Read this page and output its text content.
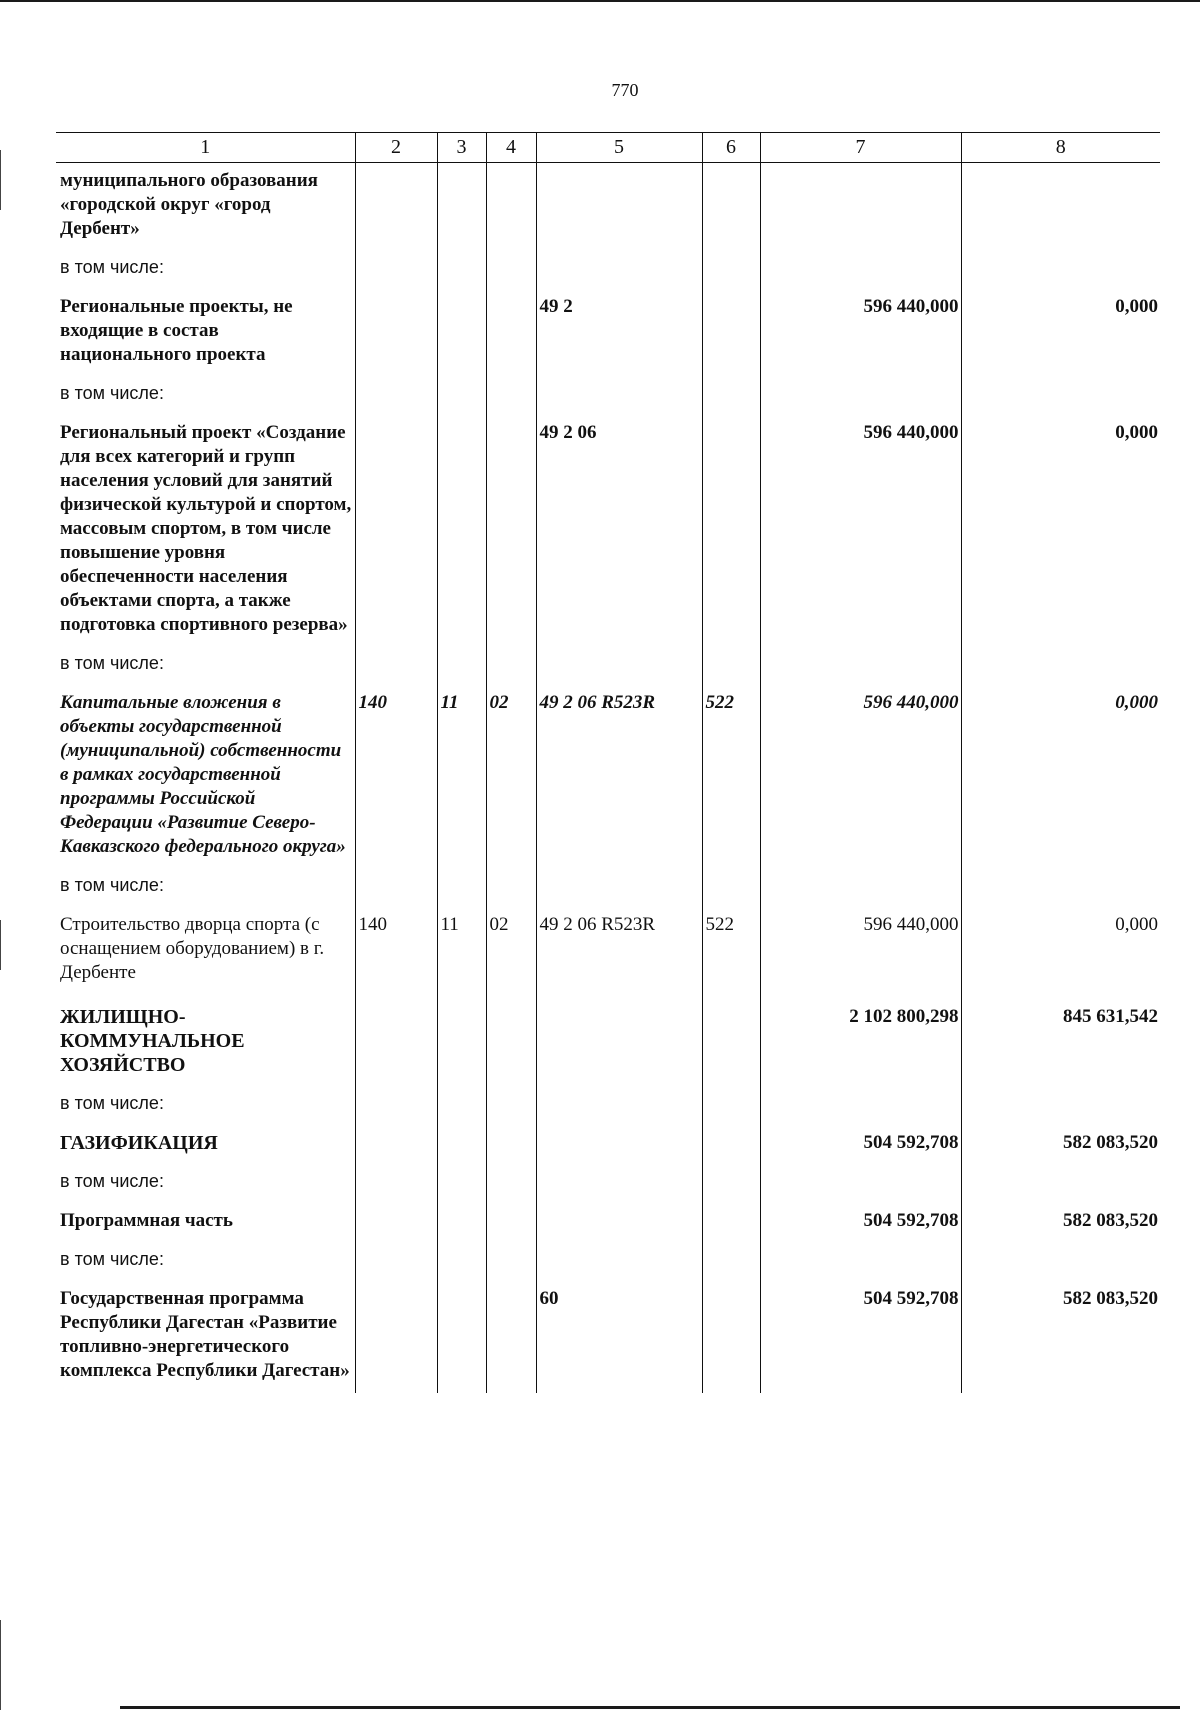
770
1	2	3	4	5	6	7	8
муниципального образования «городской округ «город Дербент»							
в том числе:							
Региональные проекты, не входящие в состав национального проекта				49 2		596 440,000	0,000
в том числе:							
Региональный проект «Создание для всех категорий и групп населения условий для занятий физической культурой и спортом, массовым спортом, в том числе повышение уровня обеспеченности населения объектами спорта, а также подготовка спортивного резерва»				49 2 06		596 440,000	0,000
в том числе:							
Капитальные вложения в объекты государственной (муниципальной) собственности в рамках государственной программы Российской Федерации «Развитие Северо-Кавказского федерального округа»	140	11	02	49 2 06 R523R	522	596 440,000	0,000
в том числе:							
Строительство дворца спорта (с оснащением оборудованием) в г. Дербенте	140	11	02	49 2 06 R523R	522	596 440,000	0,000
ЖИЛИЩНО-КОММУНАЛЬНОЕ ХОЗЯЙСТВО						2 102 800,298	845 631,542
в том числе:							
ГАЗИФИКАЦИЯ						504 592,708	582 083,520
в том числе:							
Программная часть						504 592,708	582 083,520
в том числе:							
Государственная программа Республики Дагестан «Развитие топливно-энергетического комплекса Республики Дагестан»				60		504 592,708	582 083,520
